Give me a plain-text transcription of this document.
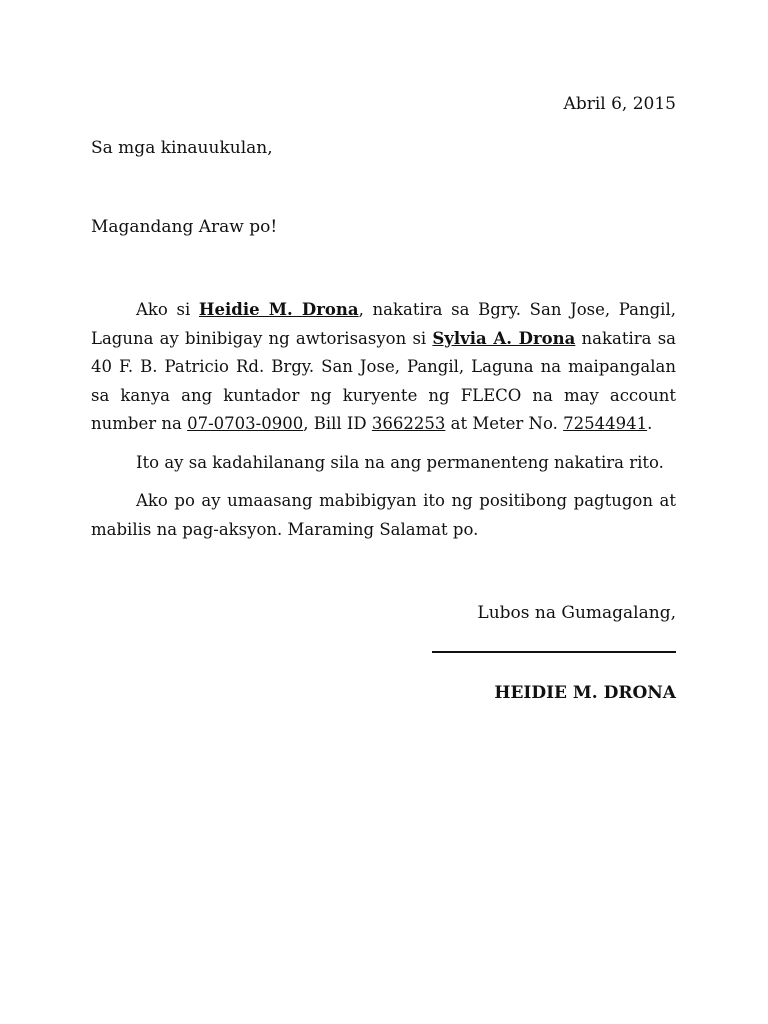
Abril 6, 2015
Sa mga kinauukulan,
Magandang Araw po!

Ako si Heidie M. Drona, nakatira sa Bgry. San Jose, Pangil, Laguna ay binibigay ng awtorisasyon si Sylvia A. Drona nakatira sa 40 F. B. Patricio Rd. Brgy. San Jose, Pangil, Laguna na maipangalan sa kanya ang kuntador ng kuryente ng FLECO na may account number na 07-0703-0900, Bill ID 3662253 at Meter No. 72544941.

Ito ay sa kadahilanang sila na ang permanenteng nakatira rito.

Ako po ay umaasang mabibigyan ito ng positibong pagtugon at mabilis na pag-aksyon. Maraming Salamat po.

Lubos na Gumagalang,
HEIDIE M. DRONA
